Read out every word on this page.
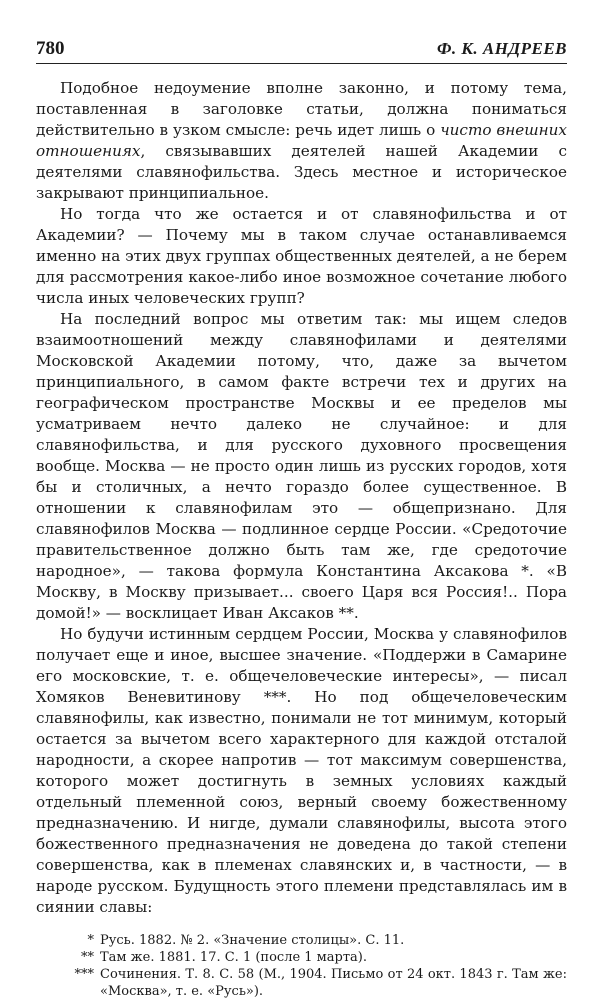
780	Ф. К. АНДРЕЕВ

Подобное недоумение вполне законно, и потому тема, поставленная в заголовке статьи, должна пониматься действительно в узком смысле: речь идет лишь о чисто внешних отношениях, связывавших деятелей нашей Академии с деятелями славянофильства. Здесь местное и историческое закрывают принципиальное.

Но тогда что же остается и от славянофильства и от Академии? — Почему мы в таком случае останавливаемся именно на этих двух группах общественных деятелей, а не берем для рассмотрения какое-либо иное возможное сочетание любого числа иных человеческих групп?

На последний вопрос мы ответим так: мы ищем следов взаимоотношений между славянофилами и деятелями Московской Академии потому, что, даже за вычетом принципиального, в самом факте встречи тех и других на географическом пространстве Москвы и ее пределов мы усматриваем нечто далеко не случайное: и для славянофильства, и для русского духовного просвещения вообще. Москва — не просто один лишь из русских городов, хотя бы и столичных, а нечто гораздо более существенное. В отношении к славянофилам это — общепризнано. Для славянофилов Москва — подлинное сердце России. «Средоточие правительственное должно быть там же, где средоточие народное», — такова формула Константина Аксакова *. «В Москву, в Москву призывает... своего Царя вся Россия!.. Пора домой!» — восклицает Иван Аксаков **.

Но будучи истинным сердцем России, Москва у славянофилов получает еще и иное, высшее значение. «Поддержи в Самарине его московские, т. е. общечеловеческие интересы», — писал Хомяков Веневитинову ***. Но под общечеловеческим славянофилы, как известно, понимали не тот минимум, который остается за вычетом всего характерного для каждой отсталой народности, а скорее напротив — тот максимум совершенства, которого может достигнуть в земных условиях каждый отдельный племенной союз, верный своему божественному предназначению. И нигде, думали славянофилы, высота этого божественного предназначения не доведена до такой степени совершенства, как в племенах славянских и, в частности, — в народе русском. Будущность этого племени представлялась им в сиянии славы:

* Русь. 1882. № 2. «Значение столицы». С. 11.
** Там же. 1881. 17. С. 1 (после 1 марта).
*** Сочинения. Т. 8. С. 58 (М., 1904. Письмо от 24 окт. 1843 г. Там же: «Москва», т. е. «Русь»).
